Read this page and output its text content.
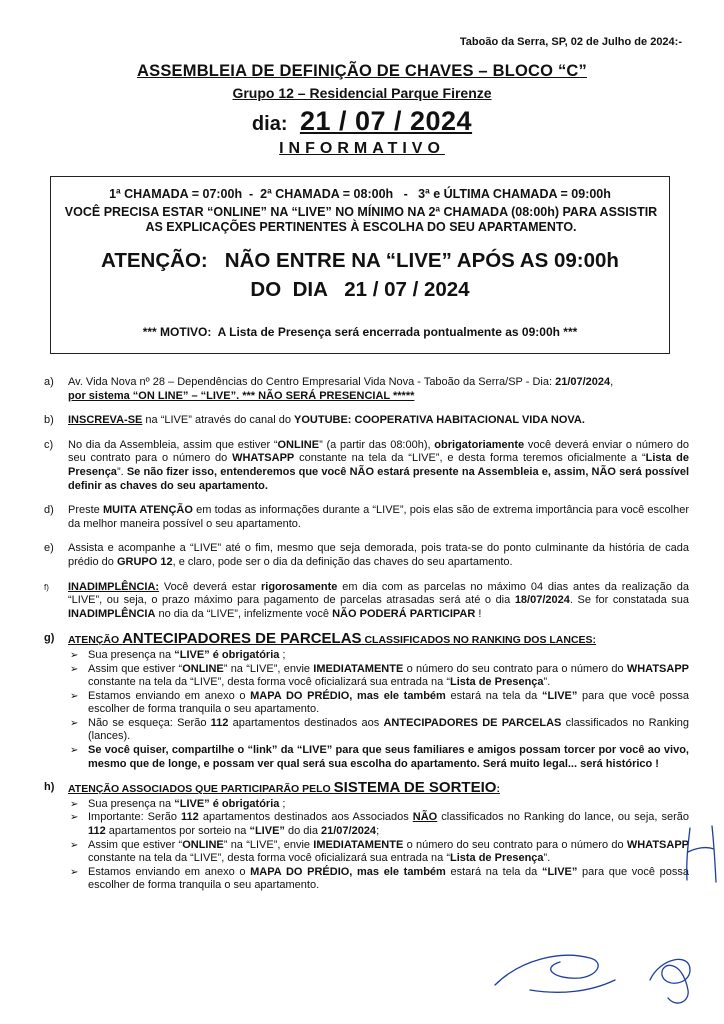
Taboão da Serra, SP, 02 de Julho de 2024:-
ASSEMBLEIA DE DEFINIÇÃO DE CHAVES – BLOCO “C”
Grupo 12 – Residencial Parque Firenze
dia: 21 / 07 / 2024
INFORMATIVO
1ª CHAMADA = 07:00h  -  2ª CHAMADA = 08:00h   -   3ª e ÚLTIMA CHAMADA = 09:00h
VOCÊ PRECISA ESTAR “ONLINE” NA “LIVE” NO MÍNIMO NA 2ª CHAMADA (08:00h) PARA ASSISTIR AS EXPLICAÇÕES PERTINENTES À ESCOLHA DO SEU APARTAMENTO.
ATENÇÃO:   NÃO ENTRE NA “LIVE” APÓS AS 09:00h
DO  DIA   21 / 07 / 2024
*** MOTIVO:  A Lista de Presença será encerrada pontualmente as 09:00h ***
a) Av. Vida Nova nº 28 – Dependências do Centro Empresarial Vida Nova - Taboão da Serra/SP - Dia: 21/07/2024,
por sistema “ON LINE” – “LIVE”. *** NÃO SERÁ PRESENCIAL *****
b) INSCREVA-SE na “LIVE” através do canal do YOUTUBE: COOPERATIVA HABITACIONAL VIDA NOVA.
c) No dia da Assembleia, assim que estiver “ONLINE” (a partir das 08:00h), obrigatoriamente você deverá enviar o número do seu contrato para o número do WHATSAPP constante na tela da “LIVE”, e desta forma teremos oficialmente a “Lista de Presença”. Se não fizer isso, entenderemos que você NÃO estará presente na Assembleia e, assim, NÃO será possível definir as chaves do seu apartamento.
d) Preste MUITA ATENÇÃO em todas as informações durante a “LIVE”, pois elas são de extrema importância para você escolher da melhor maneira possível o seu apartamento.
e) Assista e acompanhe a “LIVE” até o fim, mesmo que seja demorada, pois trata-se do ponto culminante da história de cada prédio do GRUPO 12, e claro, pode ser o dia da definição das chaves do seu apartamento.
f) INADIMPLÊNCIA: Você deverá estar rigorosamente em dia com as parcelas no máximo 04 dias antes da realização da “LIVE”, ou seja, o prazo máximo para pagamento de parcelas atrasadas será até o dia 18/07/2024. Se for constatada sua INADIMPLÊNCIA no dia da “LIVE”, infelizmente você NÃO PODERÁ PARTICIPAR !
g) ATENÇÃO ANTECIPADORES DE PARCELAS CLASSIFICADOS NO RANKING DOS LANCES:
➢ Sua presença na “LIVE” é obrigatória ;
➢ Assim que estiver “ONLINE” na “LIVE”, envie IMEDIATAMENTE o número do seu contrato para o número do WHATSAPP constante na tela da “LIVE”, desta forma você oficializará sua entrada na “Lista de Presença”.
➢ Estamos enviando em anexo o MAPA DO PRÉDIO, mas ele também estará na tela da “LIVE” para que você possa escolher de forma tranquila o seu apartamento.
➢ Não se esqueça: Serão 112 apartamentos destinados aos ANTECIPADORES DE PARCELAS classificados no Ranking (lances).
➢ Se você quiser, compartilhe o “link” da “LIVE” para que seus familiares e amigos possam torcer por você ao vivo, mesmo que de longe, e possam ver qual será sua escolha do apartamento. Será muito legal... será histórico !
h) ATENÇÃO ASSOCIADOS QUE PARTICIPARÃO PELO SISTEMA DE SORTEIO:
➢ Sua presença na “LIVE” é obrigatória ;
➢ Importante: Serão 112 apartamentos destinados aos Associados NÃO classificados no Ranking do lance, ou seja, serão 112 apartamentos por sorteio na “LIVE” do dia 21/07/2024;
➢ Assim que estiver “ONLINE” na “LIVE”, envie IMEDIATAMENTE o número do seu contrato para o número do WHATSAPP constante na tela da “LIVE”, desta forma você oficializará sua entrada na “Lista de Presença”.
➢ Estamos enviando em anexo o MAPA DO PRÉDIO, mas ele também estará na tela da “LIVE” para que você possa escolher de forma tranquila o seu apartamento.
